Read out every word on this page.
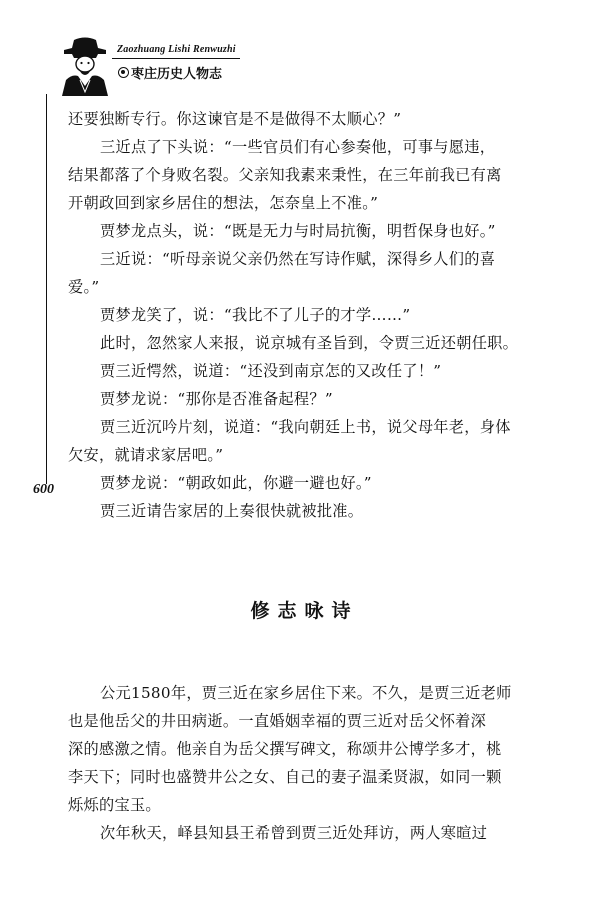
Zaozhuang Lishi Renwuzhi
枣庄历史人物志
600
还要独断专行。你这谏官是不是做得不太顺心？”
三近点了下头说：“一些官员们有心参奏他，可事与愿违，
结果都落了个身败名裂。父亲知我素来秉性，在三年前我已有离
开朝政回到家乡居住的想法，怎奈皇上不准。”
贾梦龙点头，说：“既是无力与时局抗衡，明哲保身也好。”
三近说：“听母亲说父亲仍然在写诗作赋，深得乡人们的喜
爱。”
贾梦龙笑了，说：“我比不了儿子的才学……”
此时，忽然家人来报，说京城有圣旨到，令贾三近还朝任职。
贾三近愕然，说道：“还没到南京怎的又改任了！”
贾梦龙说：“那你是否准备起程？”
贾三近沉吟片刻，说道：“我向朝廷上书，说父母年老，身体
欠安，就请求家居吧。”
贾梦龙说：“朝政如此，你避一避也好。”
贾三近请告家居的上奏很快就被批准。
修志咏诗
公元1580年，贾三近在家乡居住下来。不久，是贾三近老师
也是他岳父的井田病逝。一直婚姻幸福的贾三近对岳父怀着深
深的感激之情。他亲自为岳父撰写碑文，称颂井公博学多才，桃
李天下；同时也盛赞井公之女、自己的妻子温柔贤淑，如同一颗
烁烁的宝玉。
次年秋天，峄县知县王希曾到贾三近处拜访，两人寒暄过
